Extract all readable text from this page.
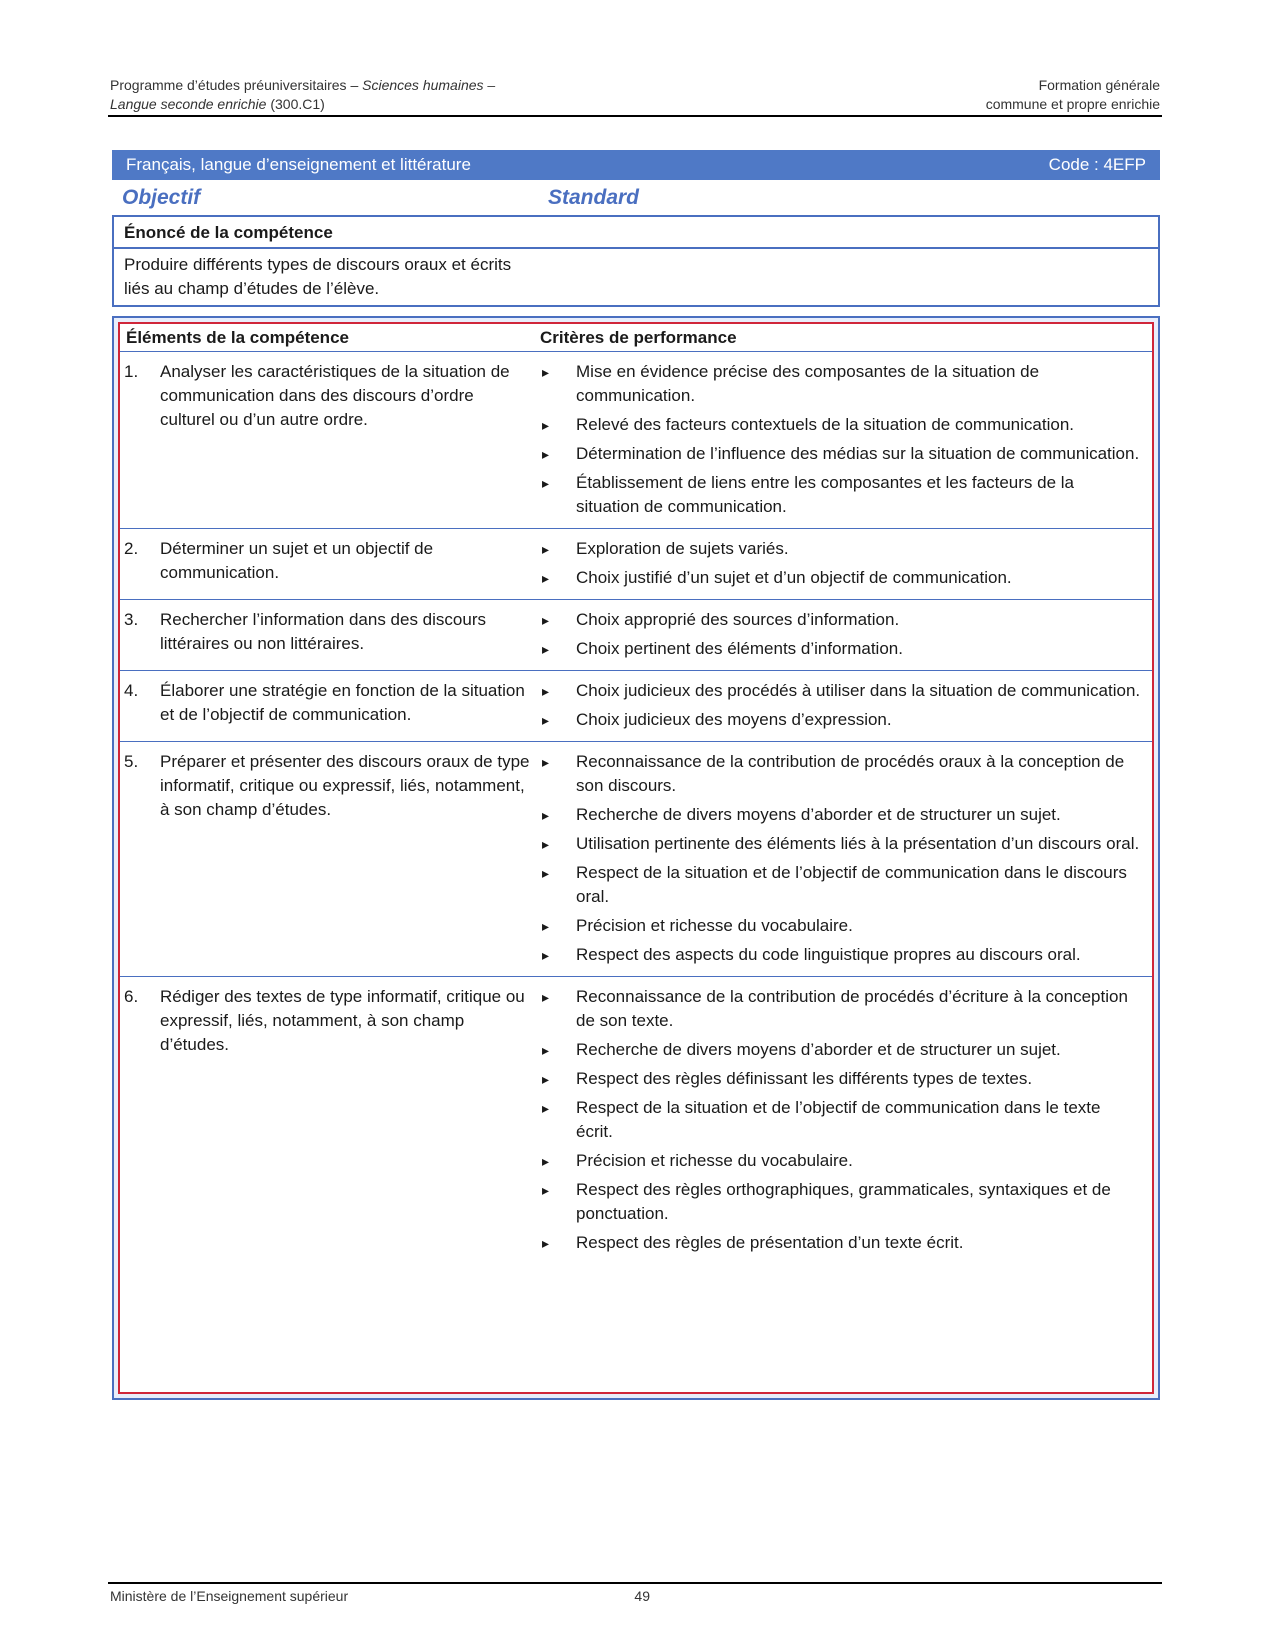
Programme d’études préuniversitaires – Sciences humaines –	Formation générale
Langue seconde enrichie (300.C1)	commune et propre enrichie
Français, langue d’enseignement et littérature	Code : 4EFP
Objectif	Standard
Énoncé de la compétence
Produire différents types de discours oraux et écrits liés au champ d’études de l’élève.
Éléments de la compétence	Critères de performance
1.	Analyser les caractéristiques de la situation de communication dans des discours d’ordre culturel ou d’un autre ordre.
▸	Mise en évidence précise des composantes de la situation de communication.
▸	Relevé des facteurs contextuels de la situation de communication.
▸	Détermination de l’influence des médias sur la situation de communication.
▸	Établissement de liens entre les composantes et les facteurs de la situation de communication.
2.	Déterminer un sujet et un objectif de communication.
▸	Exploration de sujets variés.
▸	Choix justifié d’un sujet et d’un objectif de communication.
3.	Rechercher l’information dans des discours littéraires ou non littéraires.
▸	Choix approprié des sources d’information.
▸	Choix pertinent des éléments d’information.
4.	Élaborer une stratégie en fonction de la situation et de l’objectif de communication.
▸	Choix judicieux des procédés à utiliser dans la situation de communication.
▸	Choix judicieux des moyens d’expression.
5.	Préparer et présenter des discours oraux de type informatif, critique ou expressif, liés, notamment, à son champ d’études.
▸	Reconnaissance de la contribution de procédés oraux à la conception de son discours.
▸	Recherche de divers moyens d’aborder et de structurer un sujet.
▸	Utilisation pertinente des éléments liés à la présentation d’un discours oral.
▸	Respect de la situation et de l’objectif de communication dans le discours oral.
▸	Précision et richesse du vocabulaire.
▸	Respect des aspects du code linguistique propres au discours oral.
6.	Rédiger des textes de type informatif, critique ou expressif, liés, notamment, à son champ d’études.
▸	Reconnaissance de la contribution de procédés d’écriture à la conception de son texte.
▸	Recherche de divers moyens d’aborder et de structurer un sujet.
▸	Respect des règles définissant les différents types de textes.
▸	Respect de la situation et de l’objectif de communication dans le texte écrit.
▸	Précision et richesse du vocabulaire.
▸	Respect des règles orthographiques, grammaticales, syntaxiques et de ponctuation.
▸	Respect des règles de présentation d’un texte écrit.
Ministère de l’Enseignement supérieur	49
